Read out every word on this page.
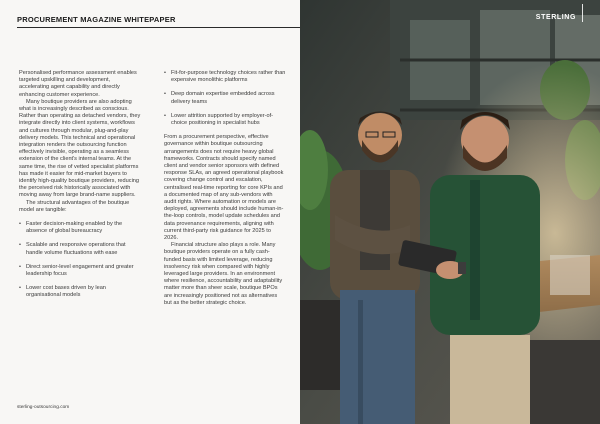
PROCUREMENT MAGAZINE WHITEPAPER

Personalised performance assessment enables targeted upskilling and development, accelerating agent capability and directly enhancing customer experience.

Many boutique providers are also adopting what is increasingly described as conscious. Rather than operating as detached vendors, they integrate directly into client systems, workflows and cultures through modular, plug-and-play delivery models. This technical and operational integration renders the outsourcing function effectively invisible, operating as a seamless extension of the client's internal teams. At the same time, the rise of vetted specialist platforms has made it easier for mid-market buyers to identify high-quality boutique providers, reducing the perceived risk historically associated with moving away from large brand-name suppliers.

The structural advantages of the boutique model are tangible:

• Faster decision-making enabled by the absence of global bureaucracy
• Scalable and responsive operations that handle volume fluctuations with ease
• Direct senior-level engagement and greater leadership focus
• Lower cost bases driven by lean organisational models
• Fit-for-purpose technology choices rather than expensive monolithic platforms
• Deep domain expertise embedded across delivery teams
• Lower attrition supported by employer-of-choice positioning in specialist hubs

From a procurement perspective, effective governance within boutique outsourcing arrangements does not require heavy global frameworks. Contracts should specify named client and vendor senior sponsors with defined response SLAs, an agreed operational playbook covering change control and escalation, centralised real-time reporting for core KPIs and a documented map of any sub-vendors with audit rights. Where automation or models are deployed, agreements should include human-in-the-loop controls, model update schedules and data provenance requirements, aligning with current third-party risk guidance for 2025 to 2026.

Financial structure also plays a role. Many boutique providers operate on a fully cash-funded basis with limited leverage, reducing insolvency risk when compared with highly leveraged large providers. In an environment where resilience, accountability and adaptability matter more than sheer scale, boutique BPOs are increasingly positioned not as alternatives but as the better strategic choice.

sterling-outsourcing.com
STERLING
